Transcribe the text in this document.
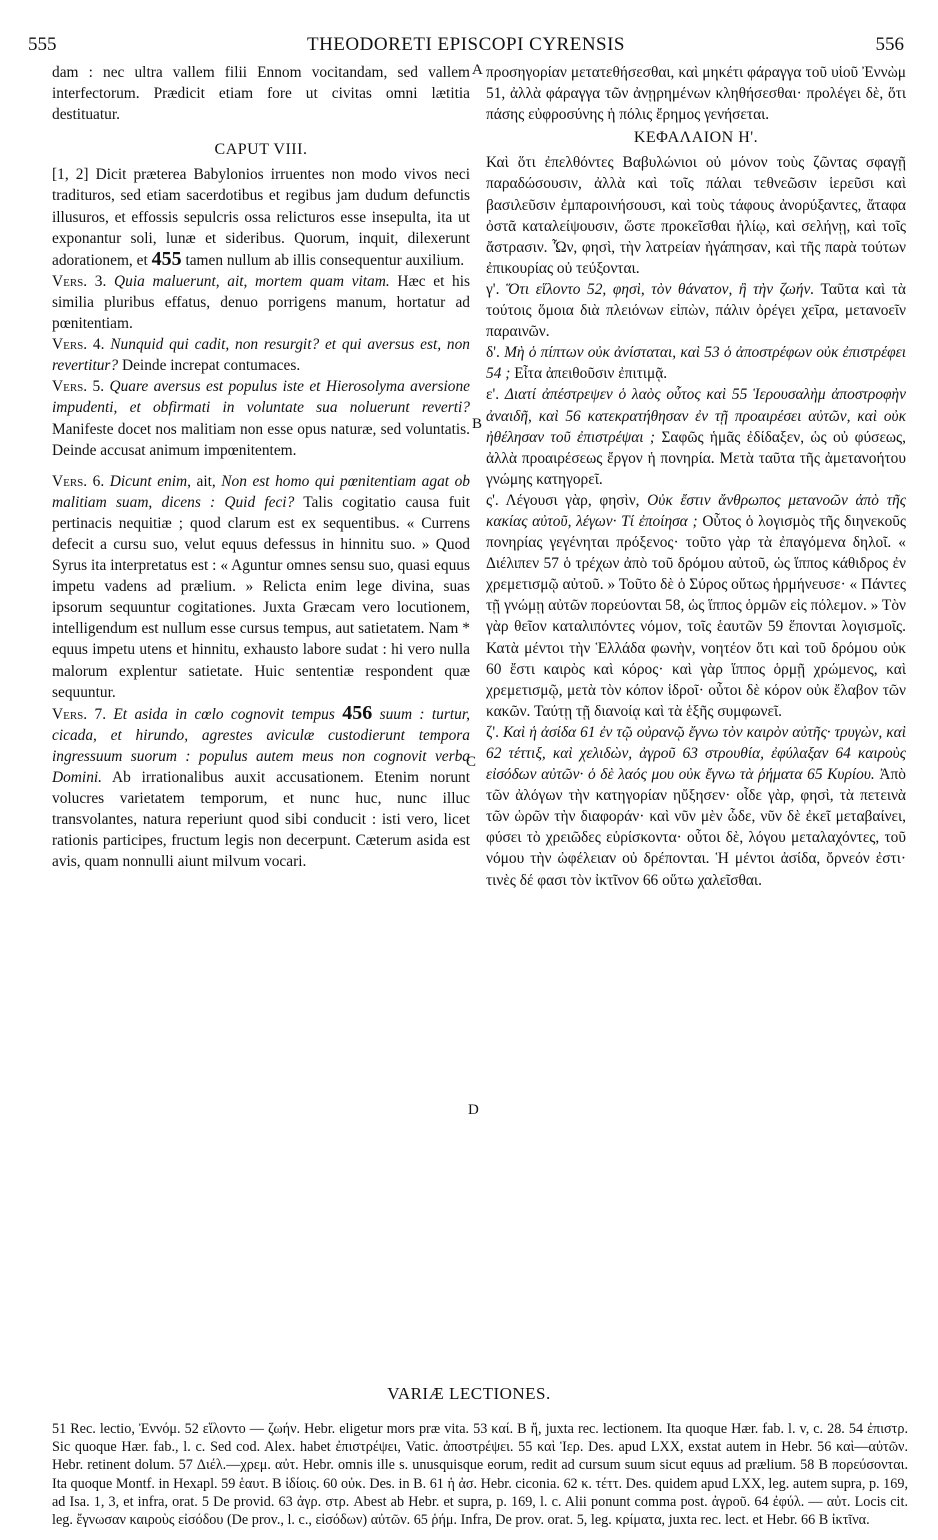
555	THEODORETI EPISCOPI CYRENSIS	556
A
B
C
D

dam : nec ultra vallem filii Ennom vocitandam, sed vallem interfectorum. Prædicit etiam fore ut civitas omni lætitia destituatur.

CAPUT VIII.

[1, 2] Dicit præterea Babylonios irruentes non modo vivos neci tradituros, sed etiam sacerdotibus et regibus jam dudum defunctis illusuros, et effossis sepulcris ossa relicturos esse insepulta, ita ut exponantur soli, lunæ et sideribus. Quorum, inquit, dilexerunt adorationem, et 455 tamen nullum ab illis consequentur auxilium.

Vers. 3. Quia maluerunt, ait, mortem quam vitam. Hæc et his similia pluribus effatus, denuo porrigens manum, hortatur ad pœnitentiam.

Vers. 4. Nunquid qui cadit, non resurgit? et qui aversus est, non revertitur? Deinde increpat contumaces.

Vers. 5. Quare aversus est populus iste et Hierosolyma aversione impudenti, et obfirmati in voluntate sua noluerunt reverti? Manifeste docet nos malitiam non esse opus naturæ, sed voluntatis. Deinde accusat animum impœnitentem.

Vers. 6. Dicunt enim, ait, Non est homo qui pœnitentiam agat ob malitiam suam, dicens : Quid feci? Talis cogitatio causa fuit pertinacis nequitiæ ; quod clarum est ex sequentibus. « Currens defecit a cursu suo, velut equus defessus in hinnitu suo. » Quod Syrus ita interpretatus est : « Aguntur omnes sensu suo, quasi equus impetu vadens ad prælium. » Relicta enim lege divina, suas ipsorum sequuntur cogitationes. Juxta Græcam vero locutionem, intelligendum est nullum esse cursus tempus, aut satietatem. Nam * equus impetu utens et hinnitu, exhausto labore sudat : hi vero nulla malorum explentur satietate. Huic sententiæ respondent quæ sequuntur.

Vers. 7. Et asida in cœlo cognovit tempus 456 suum : turtur, cicada, et hirundo, agrestes aviculæ custodierunt tempora ingressuum suorum : populus autem meus non cognovit verba Domini. Ab irrationalibus auxit accusationem. Etenim norunt volucres varietatem temporum, et nunc huc, nunc illuc transvolantes, natura reperiunt quod sibi conducit : isti vero, licet rationis participes, fructum legis non decerpunt. Cæterum asida est avis, quam nonnulli aiunt milvum vocari.

προσηγορίαν μετατεθήσεσθαι, καὶ μηκέτι φάραγγα τοῦ υἱοῦ Ἐννὼμ 51, ἀλλὰ φάραγγα τῶν ἀνῃρημένων κληθήσεσθαι· προλέγει δὲ, ὅτι πάσης εὐφροσύνης ἡ πόλις ἔρημος γενήσεται.

ΚΕΦΑΛΑΙΟΝ Η'.

Καὶ ὅτι ἐπελθόντες Βαβυλώνιοι οὐ μόνον τοὺς ζῶντας σφαγῇ παραδώσουσιν, ἀλλὰ καὶ τοῖς πάλαι τεθνεῶσιν ἱερεῦσι καὶ βασιλεῦσιν ἐμπαροινήσουσι, καὶ τοὺς τάφους ἀνορύξαντες, ἄταφα ὀστᾶ καταλείψουσιν, ὥστε προκεῖσθαι ἡλίῳ, καὶ σελήνῃ, καὶ τοῖς ἄστρασιν. Ὧν, φησὶ, τὴν λατρείαν ἠγάπησαν, καὶ τῆς παρὰ τούτων ἐπικουρίας οὐ τεύξονται.

γ'. Ὅτι εἵλοντο 52, φησὶ, τὸν θάνατον, ἢ τὴν ζωήν. Ταῦτα καὶ τὰ τούτοις ὅμοια διὰ πλειόνων εἰπὼν, πάλιν ὀρέγει χεῖρα, μετανοεῖν παραινῶν.

δ'. Μὴ ὁ πίπτων οὐκ ἀνίσταται, καὶ 53 ὁ ἀποστρέφων οὐκ ἐπιστρέφει 54 ; Εἶτα ἀπειθοῦσιν ἐπιτιμᾷ.

ε'. Διατί ἀπέστρεψεν ὁ λαὸς οὗτος καὶ 55 Ἱερουσαλὴμ ἀποστροφὴν ἀναιδῆ, καὶ 56 κατεκρατήθησαν ἐν τῇ προαιρέσει αὐτῶν, καὶ οὐκ ἠθέλησαν τοῦ ἐπιστρέψαι ; Σαφῶς ἡμᾶς ἐδίδαξεν, ὡς οὐ φύσεως, ἀλλὰ προαιρέσεως ἔργον ἡ πονηρία. Μετὰ ταῦτα τῆς ἀμετανοήτου γνώμης κατηγορεῖ.

ς'. Λέγουσι γὰρ, φησὶν, Οὐκ ἔστιν ἄνθρωπος μετανοῶν ἀπὸ τῆς κακίας αὐτοῦ, λέγων· Τί ἐποίησα ; Οὗτος ὁ λογισμὸς τῆς διηνεκοῦς πονηρίας γεγένηται πρόξενος· τοῦτο γὰρ τὰ ἐπαγόμενα δηλοῖ. « Διέλιπεν 57 ὁ τρέχων ἀπὸ τοῦ δρόμου αὐτοῦ, ὡς ἵππος κάθιδρος ἐν χρεμετισμῷ αὐτοῦ. » Τοῦτο δὲ ὁ Σύρος οὕτως ἡρμήνευσε· « Πάντες τῇ γνώμῃ αὐτῶν πορεύονται 58, ὡς ἵππος ὁρμῶν εἰς πόλεμον. » Τὸν γὰρ θεῖον καταλιπόντες νόμον, τοῖς ἑαυτῶν 59 ἕπονται λογισμοῖς. Κατὰ μέντοι τὴν Ἑλλάδα φωνὴν, νοητέον ὅτι καὶ τοῦ δρόμου οὐκ 60 ἔστι καιρὸς καὶ κόρος· καὶ γὰρ ἵππος ὁρμῇ χρώμενος, καὶ χρεμετισμῷ, μετὰ τὸν κόπον ἱδροῖ· οὗτοι δὲ κόρον οὐκ ἔλαβον τῶν κακῶν. Ταύτῃ τῇ διανοίᾳ καὶ τὰ ἑξῆς συμφωνεῖ.

ζ'. Καὶ ἡ ἀσίδα 61 ἐν τῷ οὐρανῷ ἔγνω τὸν καιρὸν αὐτῆς· τρυγὼν, καὶ 62 τέττιξ, καὶ χελιδὼν, ἀγροῦ 63 στρουθία, ἐφύλαξαν 64 καιροὺς εἰσόδων αὐτῶν· ὁ δὲ λαός μου οὐκ ἔγνω τὰ ῥήματα 65 Κυρίου. Ἀπὸ τῶν ἀλόγων τὴν κατηγορίαν ηὔξησεν· οἶδε γὰρ, φησὶ, τὰ πετεινὰ τῶν ὡρῶν τὴν διαφοράν· καὶ νῦν μὲν ὧδε, νῦν δὲ ἐκεῖ μεταβαίνει, φύσει τὸ χρειῶδες εὑρίσκοντα· οὗτοι δὲ, λόγου μεταλαχόντες, τοῦ νόμου τὴν ὠφέλειαν οὐ δρέπονται. Ἡ μέντοι ἀσίδα, ὄρνεόν ἐστι· τινὲς δέ φασι τὸν ἰκτῖνον 66 οὕτω χαλεῖσθαι.

VARIÆ LECTIONES.

51 Rec. lectio, Ἐννόμ. 52 εἵλοντο — ζωήν. Hebr. eligetur mors præ vita. 53 καί. B ἤ, juxta rec. lectionem. Ita quoque Hær. fab. l. v, c. 28. 54 ἐπιστρ. Sic quoque Hær. fab., l. c. Sed cod. Alex. habet ἐπιστρέψει, Vatic. ἀποστρέψει. 55 καὶ Ἱερ. Des. apud LXX, exstat autem in Hebr. 56 καὶ—αὐτῶν. Hebr. retinent dolum. 57 Διέλ.—χρεμ. αὐτ. Hebr. omnis ille s. unusquisque eorum, redit ad cursum suum sicut equus ad prælium. 58 B πορεύσονται. Ita quoque Montf. in Hexapl. 59 ἑαυτ. B ἰδίοις. 60 οὐκ. Des. in B. 61 ἡ ἀσ. Hebr. ciconia. 62 κ. τέττ. Des. quidem apud LXX, leg. autem supra, p. 169, ad Isa. 1, 3, et infra, orat. 5 De provid. 63 ἀγρ. στρ. Abest ab Hebr. et supra, p. 169, l. c. Alii ponunt comma post. ἀγροῦ. 64 ἐφύλ. — αὐτ. Locis cit. leg. ἔγνωσαν καιροὺς εἰσόδου (De prov., l. c., εἰσόδων) αὐτῶν. 65 ῥήμ. Infra, De prov. orat. 5, leg. κρίματα, juxta rec. lect. et Hebr. 66 B ἰκτῖνα.
